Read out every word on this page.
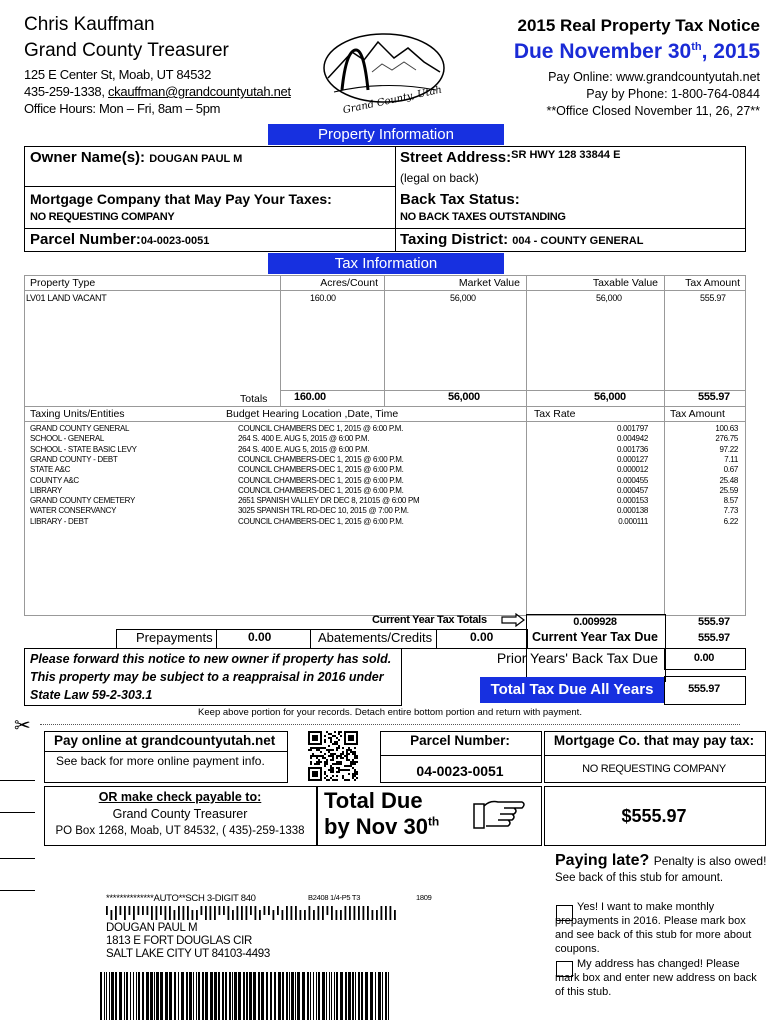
Chris Kauffman
Grand County Treasurer
125 E Center St, Moab, UT 84532
435-259-1338, ckauffman@grandcountyutah.net
Office Hours: Mon – Fri, 8am – 5pm	Grand County, Utah
2015 Real Property Tax Notice
Due November 30th, 2015
Pay Online: www.grandcountyutah.net
Pay by Phone: 1-800-764-0844
**Office Closed November 11, 26, 27**
Property Information
Owner Name(s): DOUGAN PAUL M	Street Address:$^{SR HWY 128 33844 E}$
(legal on back)
Mortgage Company that May Pay Your Taxes:
NO REQUESTING COMPANY
Back Tax Status:
NO BACK TAXES OUTSTANDING
Parcel Number:04-0023-0051	Taxing District: 004 - COUNTY GENERAL
Tax Information
Property Type	Acres/Count	Market Value	Taxable Value	Tax Amount
LV01 LAND VACANT	160.00	56,000	56,000	555.97
Totals 160.00	56,000	56,000	555.97
Taxing Units/Entities	Budget Hearing Location ,Date, Time	Tax Rate	Tax Amount
GRAND COUNTY GENERAL	COUNCIL CHAMBERS DEC 1, 2015 @ 6:00 P.M.	0.001797	100.63
SCHOOL - GENERAL	264 S. 400 E. AUG 5, 2015 @ 6:00 P.M.	0.004942	276.75
SCHOOL - STATE BASIC LEVY	264 S. 400 E. AUG 5, 2015 @ 6:00 P.M.	0.001736	97.22
GRAND COUNTY - DEBT	COUNCIL CHAMBERS-DEC 1, 2015 @ 6:00 P.M.	0.000127	7.11
STATE A&C	COUNCIL CHAMBERS-DEC 1, 2015 @ 6:00 P.M.	0.000012	0.67
COUNTY A&C	COUNCIL CHAMBERS-DEC 1, 2015 @ 6:00 P.M.	0.000455	25.48
LIBRARY	COUNCIL CHAMBERS-DEC 1, 2015 @ 6:00 P.M.	0.000457	25.59
GRAND COUNTY CEMETERY	2651 SPANISH VALLEY DR DEC 8, 21015 @ 6:00 PM	0.000153	8.57
WATER CONSERVANCY	3025 SPANISH TRL RD-DEC 10, 2015 @ 7:00 P.M.	0.000138	7.73
LIBRARY - DEBT	COUNCIL CHAMBERS-DEC 1, 2015 @ 6:00 P.M.	0.000111	6.22
Current Year Tax Totals	0.009928	555.97
Prepayments	0.00	Abatements/Credits	0.00	Current Year Tax Due	555.97
Please forward this notice to new owner if property has sold. This property may be subject to a reappraisal in 2016 under State Law 59-2-303.1
Prior Years' Back Tax Due	0.00
Total Tax Due All Years	555.97
Keep above portion for your records. Detach entire bottom portion and return with payment.
✂
Pay online at grandcountyutah.net
See back for more online payment info.
Parcel Number:
04-0023-0051
Mortgage Co. that may pay tax:
NO REQUESTING COMPANY
OR make check payable to:
Grand County Treasurer
PO Box 1268, Moab, UT 84532, ( 435)-259-1338
Total Due
by Nov 30th	$555.97
Paying late? Penalty is also owed!
See back of this stub for amount.
**************AUTO**SCH 3-DIGIT 840	B2408 1/4-P5 T3	1809
DOUGAN PAUL M
1813 E FORT DOUGLAS CIR
SALT LAKE CITY UT 84103-4493
Yes! I want to make monthly prepayments in 2016. Please mark box and see back of this stub for more about coupons.
My address has changed! Please mark box and enter new address on back of this stub.
